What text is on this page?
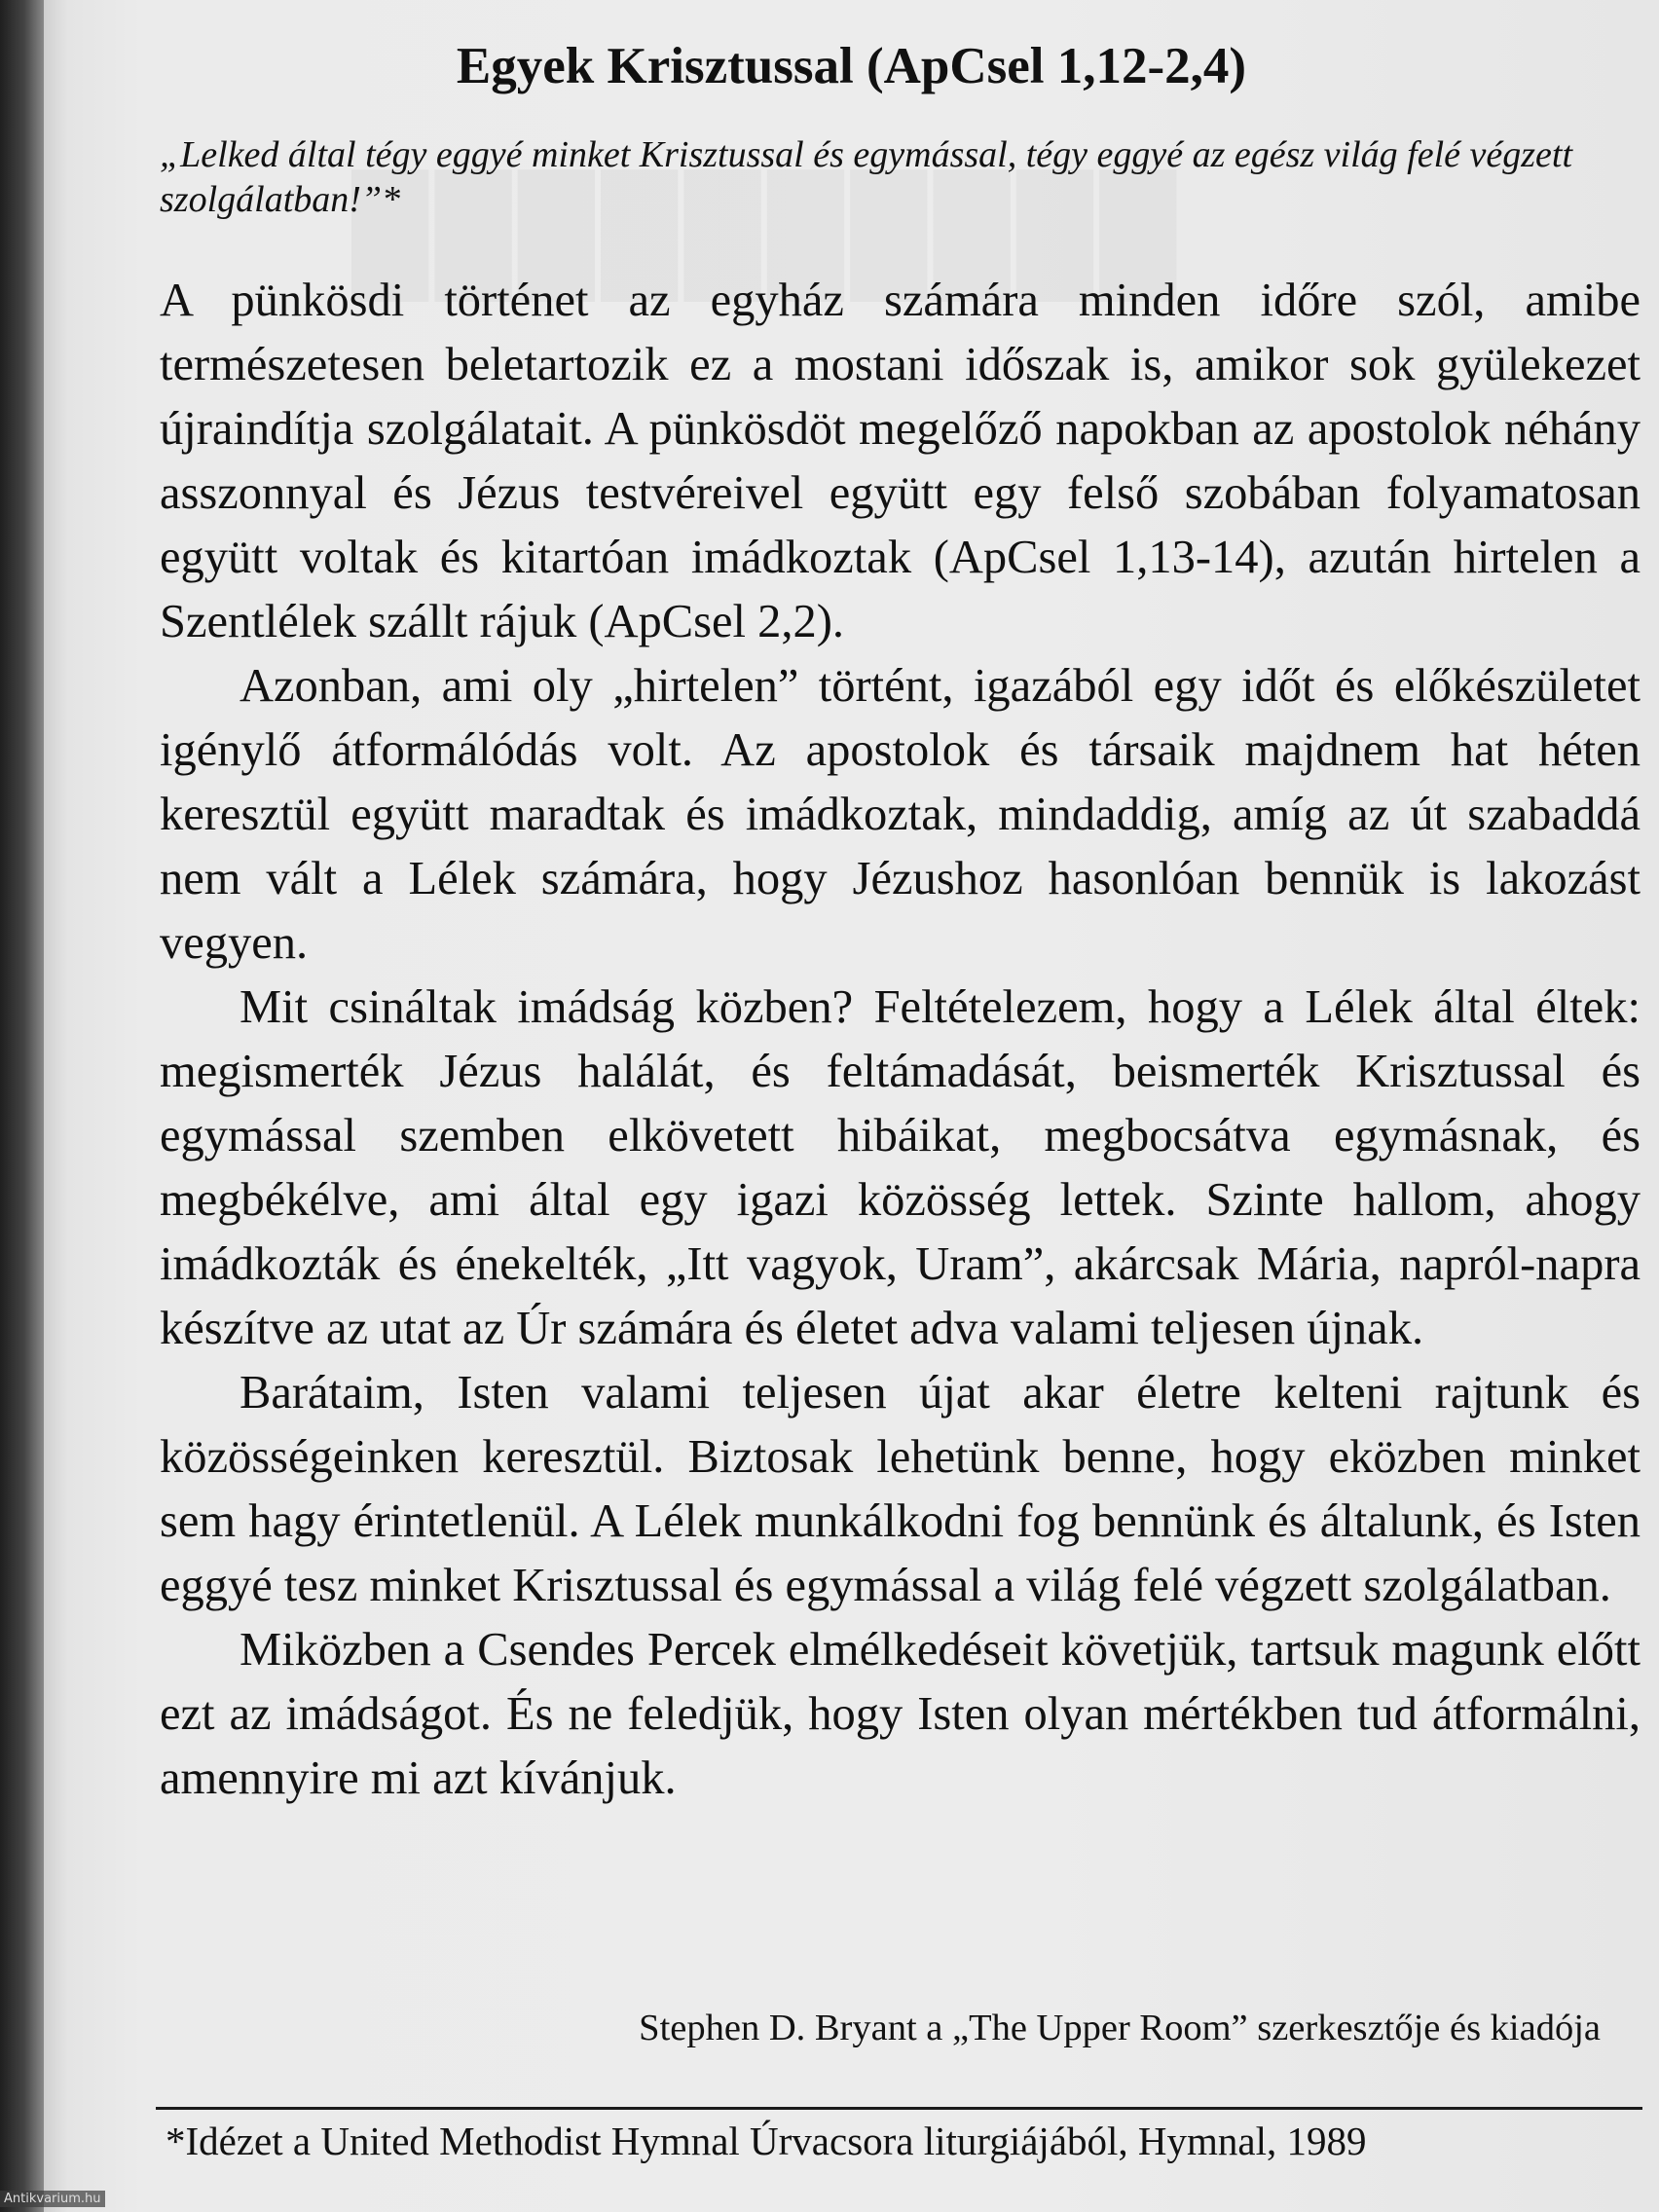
██████████
Egyek Krisztussal (ApCsel 1,12-2,4)
„Lelked által tégy eggyé minket Krisztussal és egymással, tégy eggyé az egész világ felé végzett szolgálatban!”*

A pünkösdi történet az egyház számára minden időre szól, amibe természetesen beletartozik ez a mostani időszak is, amikor sok gyülekezet újraindítja szolgálatait. A pünkösdöt megelőző napokban az apostolok néhány asszonnyal és Jézus testvéreivel együtt egy felső szobában folyamatosan együtt voltak és kitartóan imádkoztak (ApCsel 1,13-14), azután hirtelen a Szentlélek szállt rájuk (ApCsel 2,2).

Azonban, ami oly „hirtelen” történt, igazából egy időt és előkészületet igénylő átformálódás volt. Az apostolok és társaik majdnem hat héten keresztül együtt maradtak és imádkoztak, mindaddig, amíg az út szabaddá nem vált a Lélek számára, hogy Jézushoz hasonlóan bennük is lakozást vegyen.

Mit csináltak imádság közben? Feltételezem, hogy a Lélek által éltek: megismerték Jézus halálát, és feltámadását, beismerték Krisztussal és egymással szemben elkövetett hibáikat, megbocsátva egymásnak, és megbékélve, ami által egy igazi közösség lettek. Szinte hallom, ahogy imádkozták és énekelték, „Itt vagyok, Uram”, akárcsak Mária, napról-napra készítve az utat az Úr számára és életet adva valami teljesen újnak.

Barátaim, Isten valami teljesen újat akar életre kelteni rajtunk és közösségeinken keresztül. Biztosak lehetünk benne, hogy eközben minket sem hagy érintetlenül. A Lélek munkálkodni fog bennünk és általunk, és Isten eggyé tesz minket Krisztussal és egymással a világ felé végzett szolgálatban.

Miközben a Csendes Percek elmélkedéseit követjük, tartsuk magunk előtt ezt az imádságot. És ne feledjük, hogy Isten olyan mértékben tud átformálni, amennyire mi azt kívánjuk.

Stephen D. Bryant a „The Upper Room” szerkesztője és kiadója
*Idézet a United Methodist Hymnal Úrvacsora liturgiájából, Hymnal, 1989
Antikvarium.hu
